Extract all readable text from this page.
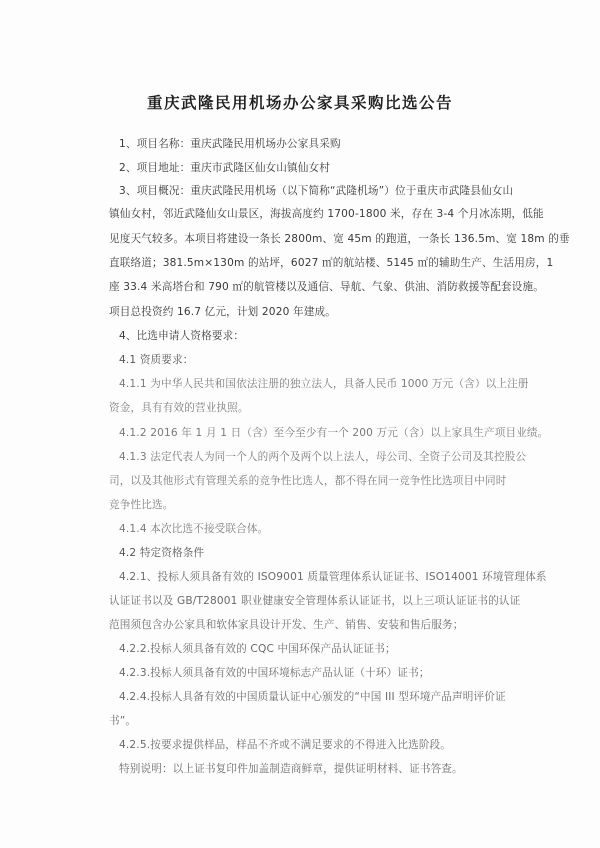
重庆武隆民用机场办公家具采购比选公告
1、项目名称：重庆武隆民用机场办公家具采购
2、项目地址：重庆市武隆区仙女山镇仙女村
3、项目概况：重庆武隆民用机场（以下简称“武隆机场”）位于重庆市武隆县仙女山
镇仙女村，邻近武隆仙女山景区，海拔高度约 1700-1800 米，存在 3-4 个月冰冻期，低能
见度天气较多。本项目将建设一条长 2800m、宽 45m 的跑道，一条长 136.5m、宽 18m 的垂
直联络道；381.5m×130m 的站坪，6027 ㎡的航站楼、5145 ㎡的辅助生产、生活用房，1
座 33.4 米高塔台和 790 ㎡的航管楼以及通信、导航、气象、供油、消防救援等配套设施。
项目总投资约 16.7 亿元，计划 2020 年建成。
4、比选申请人资格要求：
4.1 资质要求：
4.1.1 为中华人民共和国依法注册的独立法人，具备人民币 1000 万元（含）以上注册
资金，具有有效的营业执照。
4.1.2 2016 年 1 月 1 日（含）至今至少有一个 200 万元（含）以上家具生产项目业绩。
4.1.3 法定代表人为同一个人的两个及两个以上法人，母公司、全资子公司及其控股公
司，以及其他形式有管理关系的竞争性比选人，都不得在同一竞争性比选项目中同时
竞争性比选。
4.1.4 本次比选不接受联合体。
4.2 特定资格条件
4.2.1、投标人须具备有效的 ISO9001 质量管理体系认证证书、ISO14001 环境管理体系
认证证书以及 GB/T28001 职业健康安全管理体系认证证书，以上三项认证证书的认证
范围须包含办公家具和软体家具设计开发、生产、销售、安装和售后服务；
4.2.2.投标人须具备有效的 CQC 中国环保产品认证证书；
4.2.3.投标人须具备有效的中国环境标志产品认证（十环）证书；
4.2.4.投标人具备有效的中国质量认证中心颁发的“中国 III 型环境产品声明评价证
书”。
4.2.5.按要求提供样品，样品不齐或不满足要求的不得进入比选阶段。
特别说明：以上证书复印件加盖制造商鲜章，提供证明材料、证书答查。
